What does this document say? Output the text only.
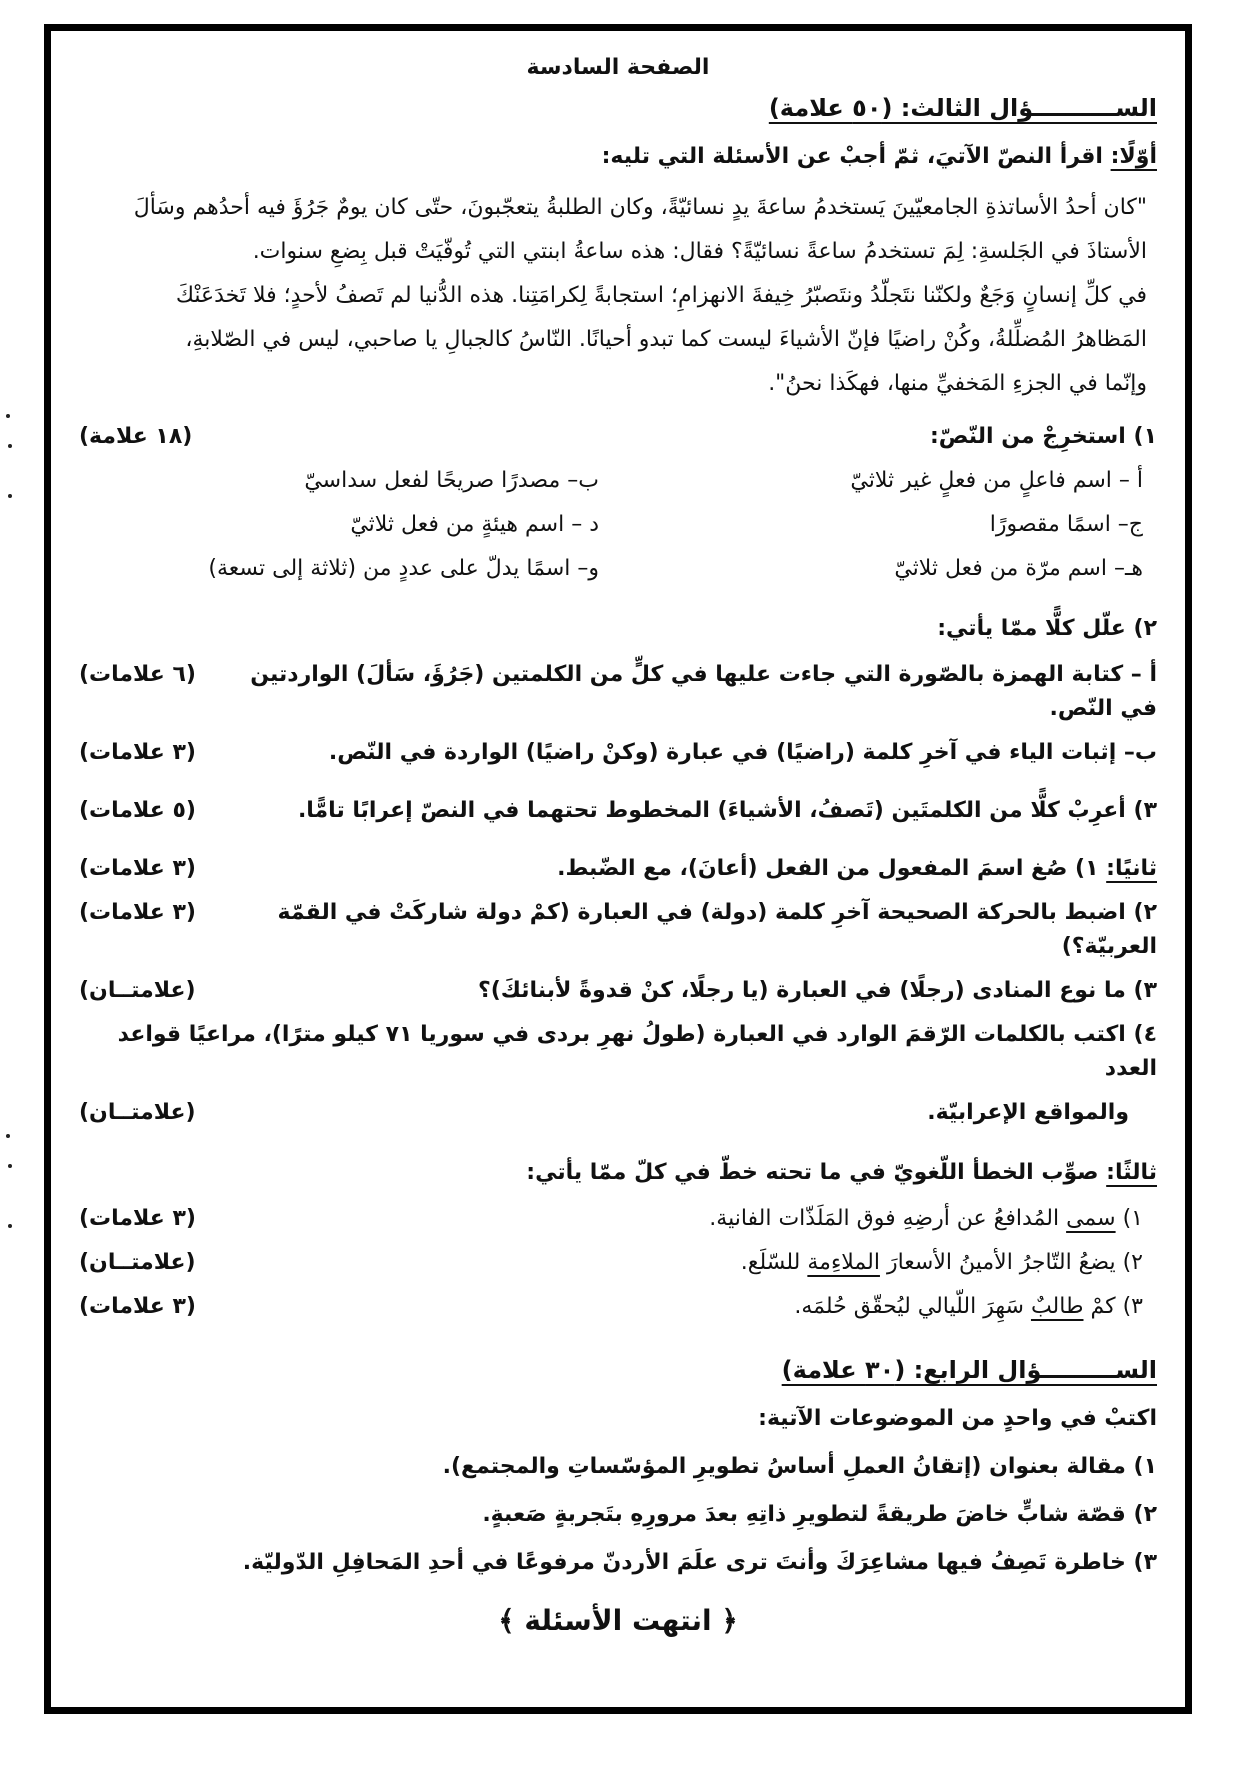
الصفحة السادسة
الســــــــــؤال الثالث: (٥٠ علامة)
أوّلًا: اقرأ النصّ الآتيَ، ثمّ أجبْ عن الأسئلة التي تليه:

"كان أحدُ الأساتذةِ الجامعيّينَ يَستخدمُ ساعةَ يدٍ نسائيّةً، وكان الطلبةُ يتعجّبونَ، حتّى كان يومٌ جَرُؤَ فيه أحدُهم وسَألَ

الأستاذَ في الجَلسةِ: لِمَ تستخدمُ ساعةً نسائيّةً؟ فقال: هذه ساعةُ ابنتي التي تُوفّيَتْ قبل بِضعِ سنوات.

في كلِّ إنسانٍ وَجَعٌ ولكنّنا نتَجلّدُ ونتَصبّرُ خِيفةَ الانهزامِ؛ استجابةً لِكرامَتِنا. هذه الدُّنيا لم تَصفُ لأحدٍ؛ فلا تَخدَعَنْكَ

المَظاهرُ المُضلِّلةُ، وكُنْ راضيًا فإنّ الأشياءَ ليست كما تبدو أحيانًا. النّاسُ كالجبالِ يا صاحبي، ليس في الصّلابةِ،

وإنّما في الجزءِ المَخفيِّ منها، فهكَذا نحنُ".

١) استخرِجْ من النّصّ:
(١٨ علامة)
أ – اسم فاعلٍ من فعلٍ غير ثلاثيّ
ب– مصدرًا صريحًا لفعل سداسيّ
ج– اسمًا مقصورًا
د – اسم هيئةٍ من فعل ثلاثيّ
هـ– اسم مرّة من فعل ثلاثيّ
و– اسمًا يدلّ على عددٍ من (ثلاثة إلى تسعة)
٢) علّل كلًّا ممّا يأتي:
أ – كتابة الهمزة بالصّورة التي جاءت عليها في كلٍّ من الكلمتين (جَرُؤَ، سَألَ) الواردتين في النّص.
(٦ علامات)
ب– إثبات الياء في آخرِ كلمة (راضيًا) في عبارة (وكنْ راضيًا) الواردة في النّص.
(٣ علامات)
٣) أعرِبْ كلًّا من الكلمتَين (تَصفُ، الأشياءَ) المخطوط تحتهما في النصّ إعرابًا تامًّا.
(٥ علامات)
ثانيًا: ١) صُغ اسمَ المفعول من الفعل (أعانَ)، مع الضّبط.
(٣ علامات)
٢) اضبط بالحركة الصحيحة آخرِ كلمة (دولة) في العبارة (كمْ دولة شاركَتْ في القمّة العربيّة؟)
(٣ علامات)
٣) ما نوع المنادى (رجلًا) في العبارة (يا رجلًا، كنْ قدوةً لأبنائكَ)؟
(علامتــان)
٤) اكتب بالكلمات الرّقمَ الوارد في العبارة (طولُ نهرِ بردى في سوريا ٧١ كيلو مترًا)، مراعيًا قواعد العدد
والمواقع الإعرابيّة.
(علامتــان)
ثالثًا: صوِّب الخطأ اللّغويّ في ما تحته خطّ في كلّ ممّا يأتي:
١) سمى المُدافعُ عن أرضِهِ فوق المَلَذّات الفانية.
(٣ علامات)
٢) يضعُ التّاجرُ الأمينُ الأسعارَ الملاءِمة للسّلَع.
(علامتــان)
٣) كمْ طالبٌ سَهِرَ اللّيالي ليُحقّق حُلمَه.
(٣ علامات)
الســـــــــؤال الرابع: (٣٠ علامة)
اكتبْ في واحدٍ من الموضوعات الآتية:
١) مقالة بعنوان (إتقانُ العملِ أساسُ تطويرِ المؤسّساتِ والمجتمع).
٢) قصّة شابٍّ خاضَ طريقةً لتطويرِ ذاتِهِ بعدَ مرورِهِ بتَجربةٍ صَعبةٍ.
٣) خاطرة تَصِفُ فيها مشاعِرَكَ وأنتَ ترى علَمَ الأردنّ مرفوعًا في أحدِ المَحافِلِ الدّوليّة.
﴿ انتهت الأسئلة ﴾
